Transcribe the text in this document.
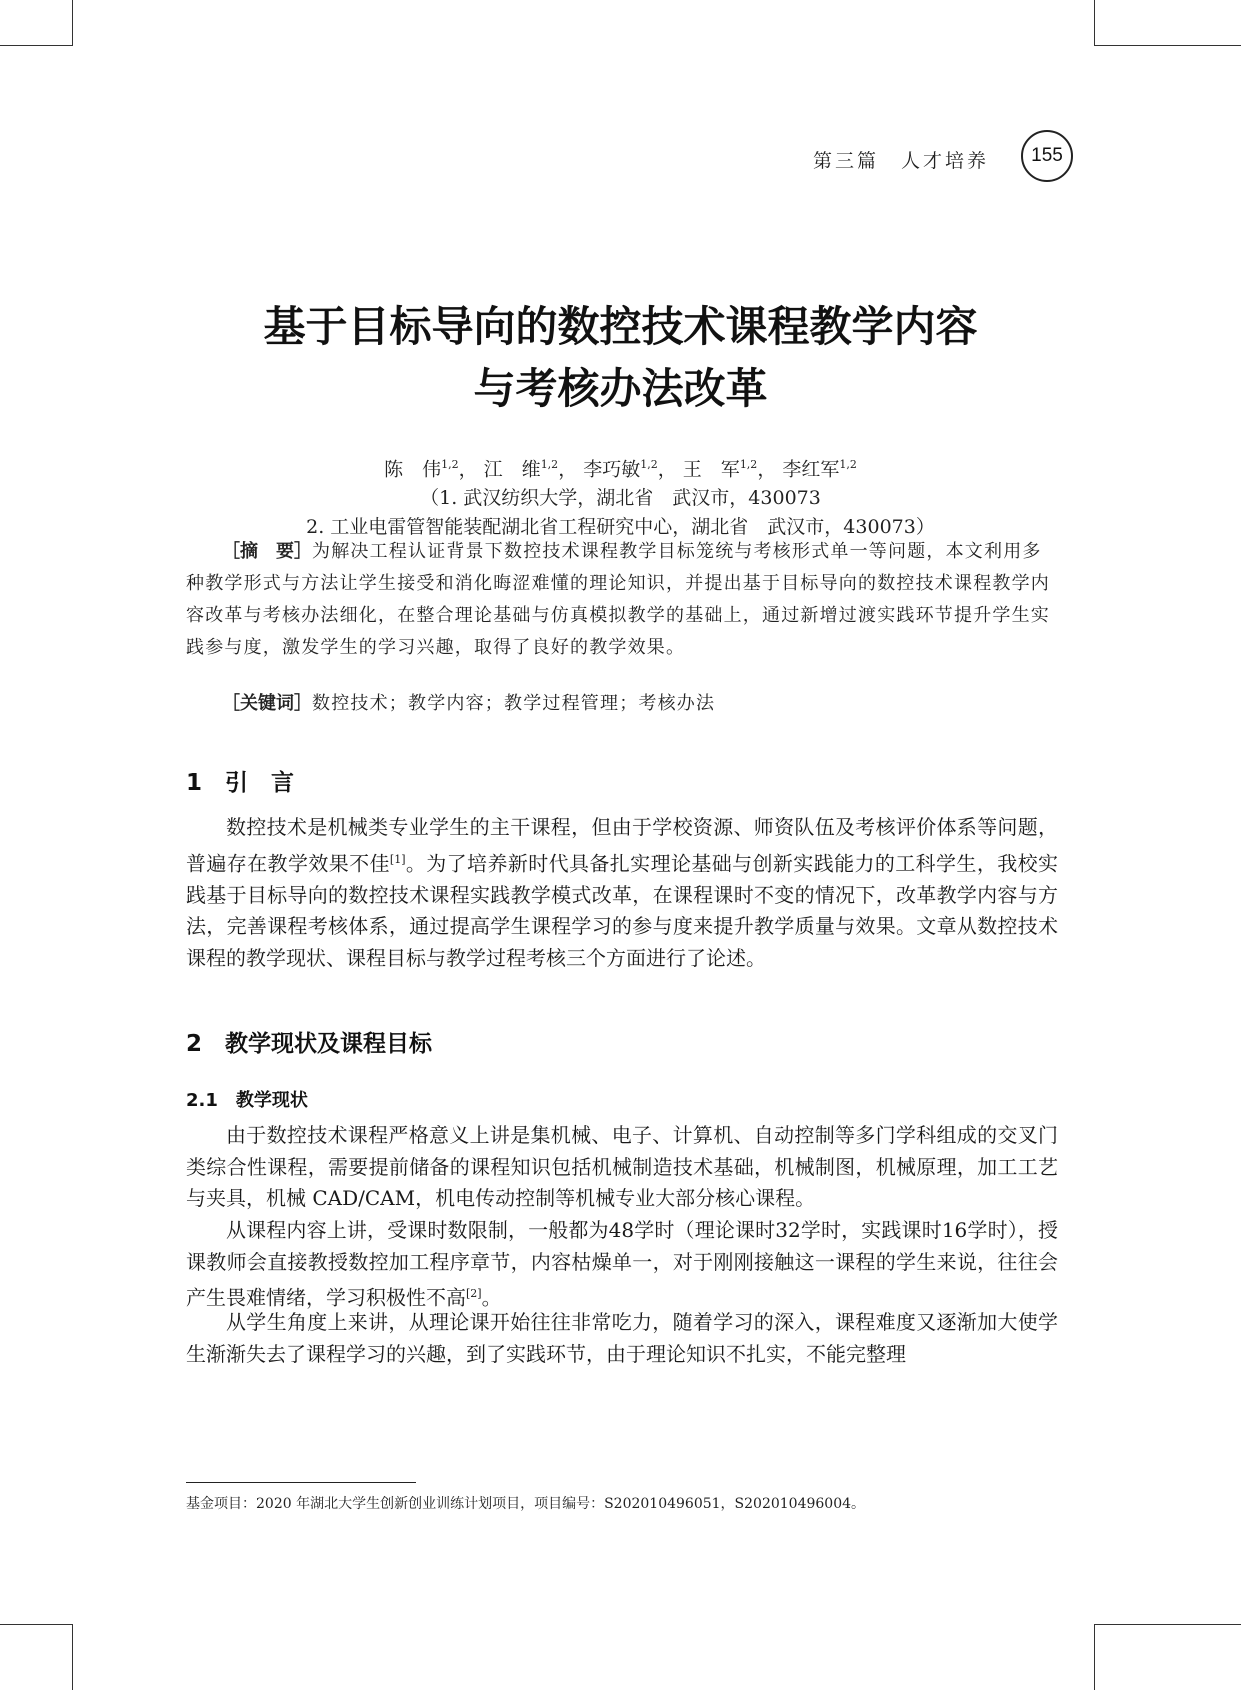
第三篇　人才培养	155
基于目标导向的数控技术课程教学内容
与考核办法改革
陈　伟$^{1,2}$， 江　维$^{1,2}$， 李巧敏$^{1,2}$， 王　军$^{1,2}$， 李红军$^{1,2}$
（1. 武汉纺织大学，湖北省　武汉市，430073
2. 工业电雷管智能装配湖北省工程研究中心，湖北省　武汉市，430073）
［摘　要］为解决工程认证背景下数控技术课程教学目标笼统与考核形式单一等问题，本文利用多种教学形式与方法让学生接受和消化晦涩难懂的理论知识，并提出基于目标导向的数控技术课程教学内容改革与考核办法细化，在整合理论基础与仿真模拟教学的基础上，通过新增过渡实践环节提升学生实践参与度，激发学生的学习兴趣，取得了良好的教学效果。
［关键词］数控技术；教学内容；教学过程管理；考核办法
1　引　言
数控技术是机械类专业学生的主干课程，但由于学校资源、师资队伍及考核评价体系等问题，普遍存在教学效果不佳[1]。为了培养新时代具备扎实理论基础与创新实践能力的工科学生，我校实践基于目标导向的数控技术课程实践教学模式改革，在课程课时不变的情况下，改革教学内容与方法，完善课程考核体系，通过提高学生课程学习的参与度来提升教学质量与效果。文章从数控技术课程的教学现状、课程目标与教学过程考核三个方面进行了论述。
2　教学现状及课程目标
2.1　教学现状
由于数控技术课程严格意义上讲是集机械、电子、计算机、自动控制等多门学科组成的交叉门类综合性课程，需要提前储备的课程知识包括机械制造技术基础，机械制图，机械原理，加工工艺与夹具，机械 CAD/CAM，机电传动控制等机械专业大部分核心课程。
从课程内容上讲，受课时数限制，一般都为48学时（理论课时32学时，实践课时16学时），授课教师会直接教授数控加工程序章节，内容枯燥单一，对于刚刚接触这一课程的学生来说，往往会产生畏难情绪，学习积极性不高[2]。
从学生角度上来讲，从理论课开始往往非常吃力，随着学习的深入，课程难度又逐渐加大使学生渐渐失去了课程学习的兴趣，到了实践环节，由于理论知识不扎实，不能完整理
基金项目：2020 年湖北大学生创新创业训练计划项目，项目编号：S202010496051，S202010496004。
